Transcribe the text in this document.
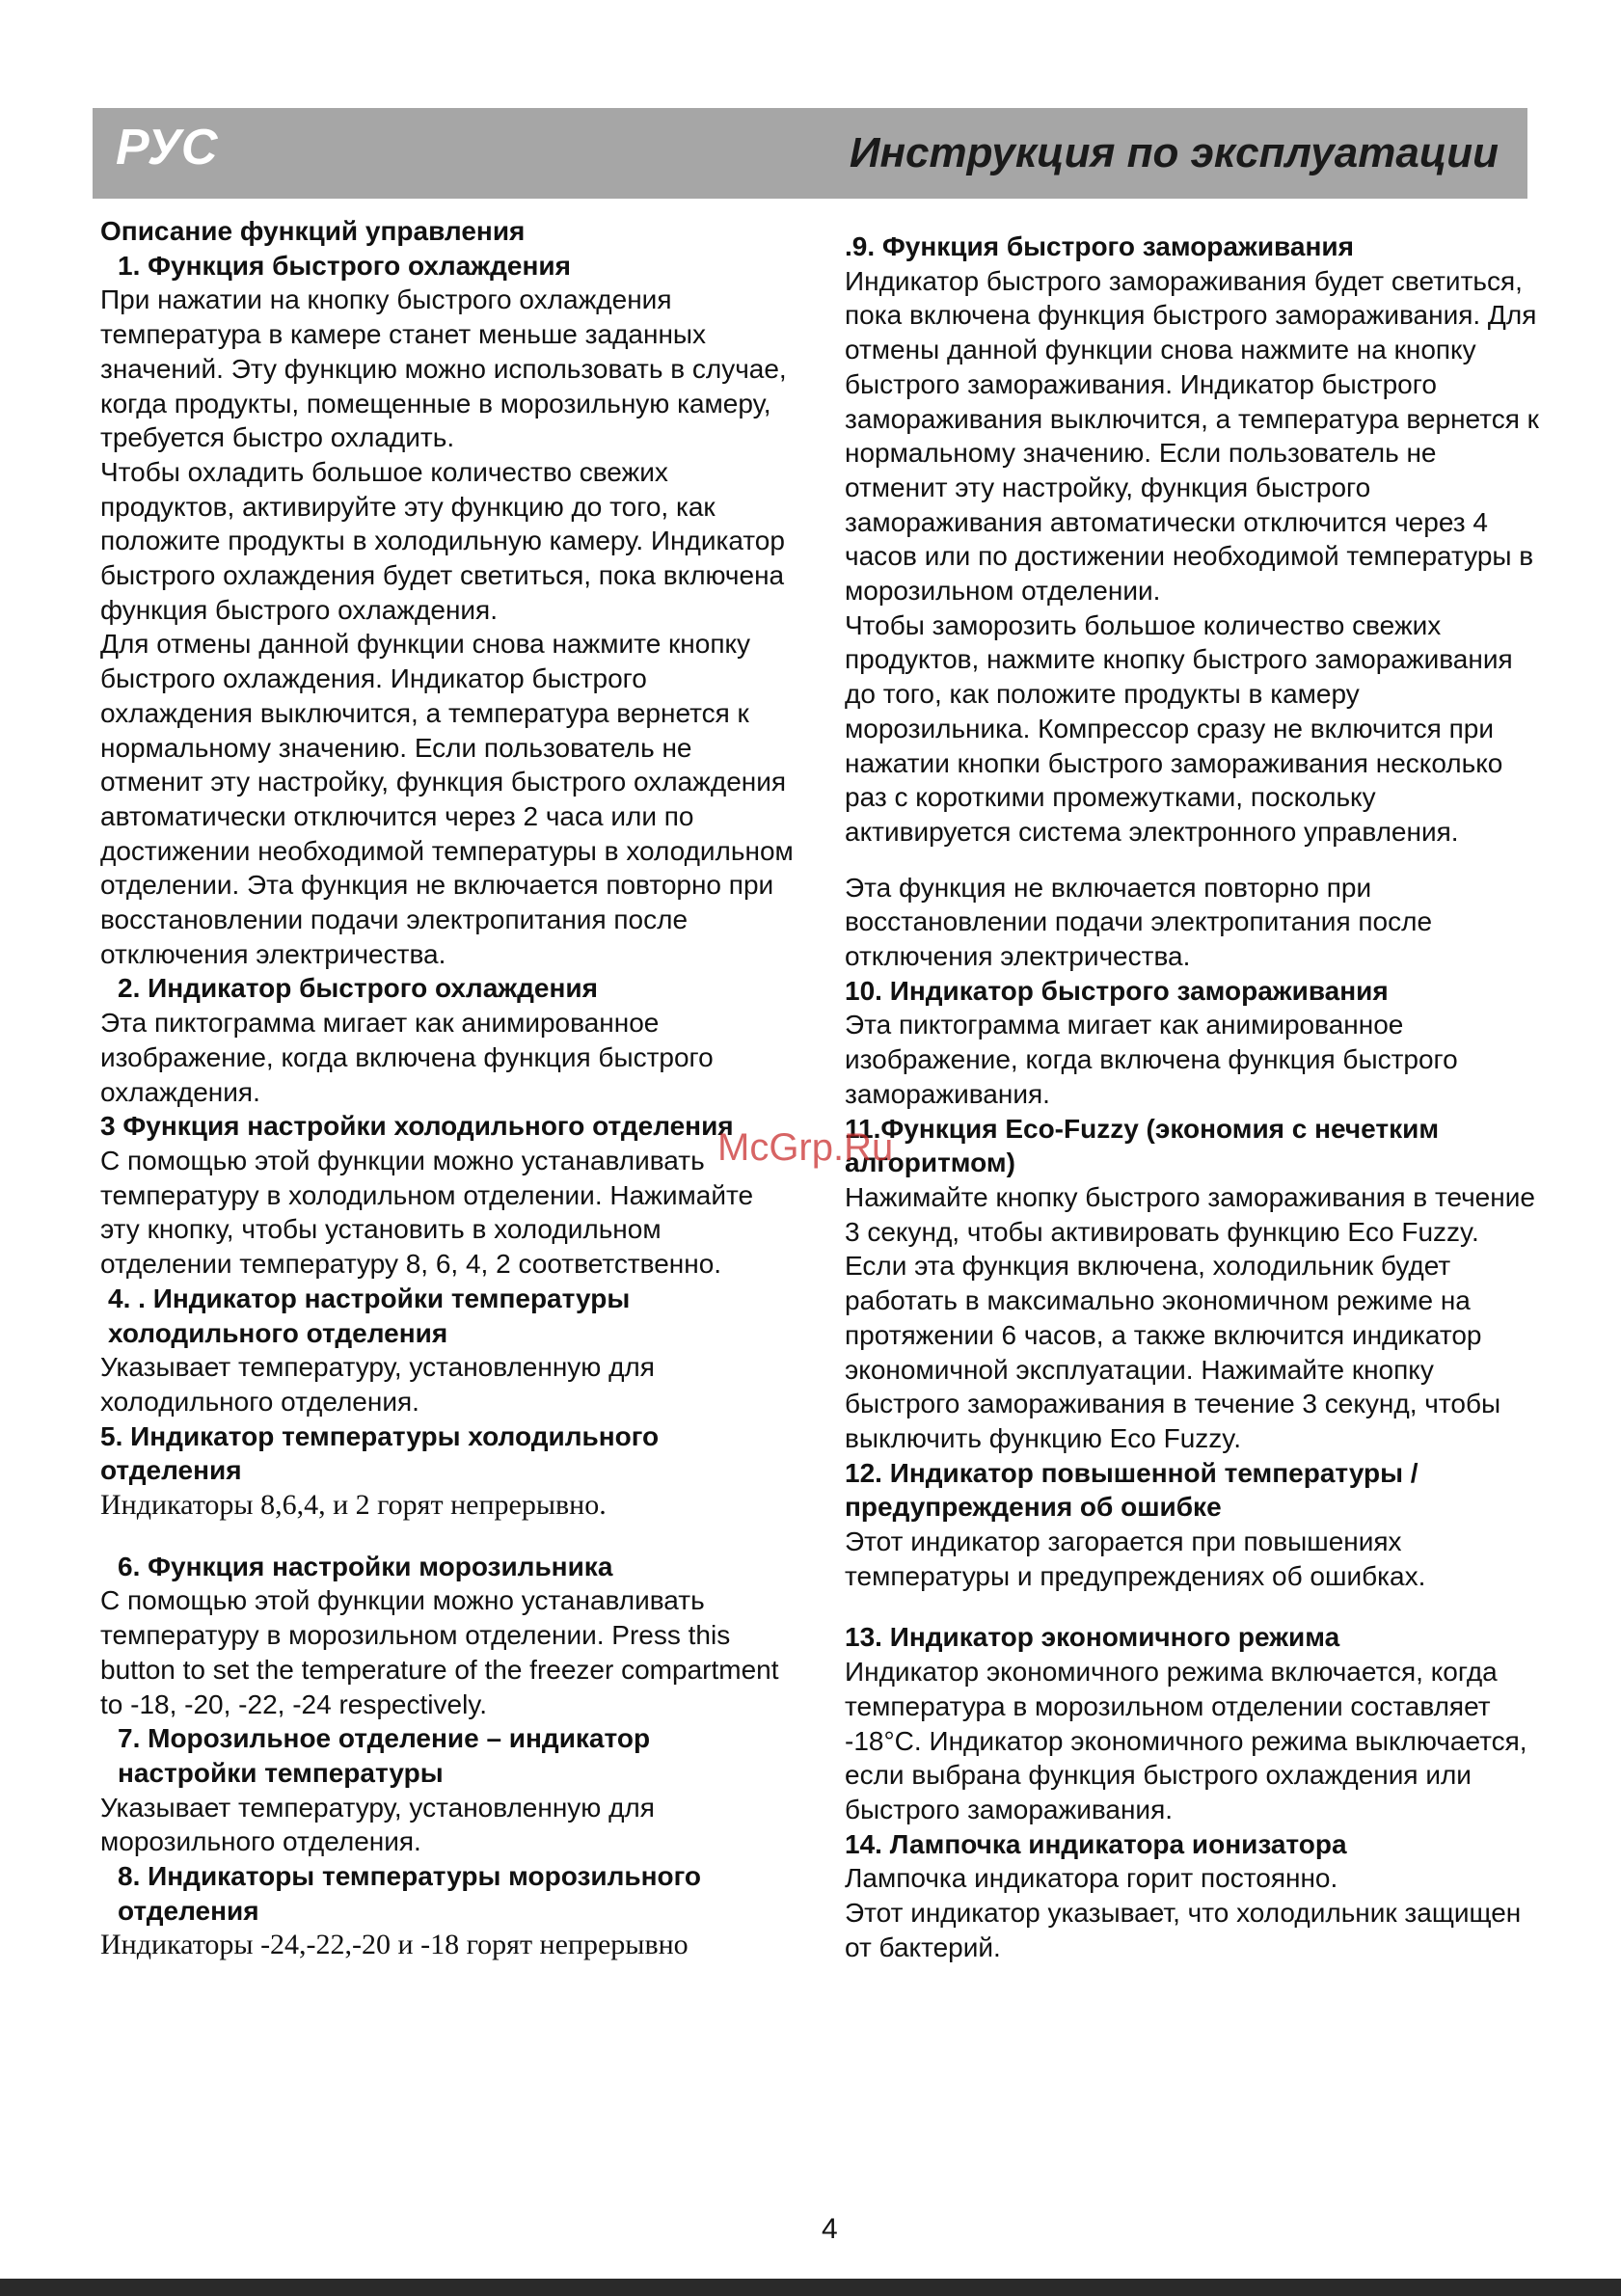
РУС	Инструкция по эксплуатации

Описание функций управления

1. Функция быстрого охлаждения

При нажатии на кнопку быстрого охлаждения температура в камере станет меньше заданных значений. Эту функцию можно использовать в случае, когда продукты, помещенные в морозильную камеру, требуется быстро охладить.

Чтобы охладить большое количество свежих продуктов, активируйте эту функцию до того, как положите продукты в холодильную камеру. Индикатор быстрого охлаждения будет светиться, пока включена функция быстрого охлаждения.

Для отмены данной функции снова нажмите кнопку быстрого охлаждения. Индикатор быстрого охлаждения выключится, а температура вернется к нормальному значению. Если пользователь не отменит эту настройку, функция быстрого охлаждения автоматически отключится через 2 часа или по достижении необходимой температуры в холодильном отделении. Эта функция не включается повторно при восстановлении подачи электропитания после отключения электричества.

2. Индикатор быстрого охлаждения

Эта пиктограмма мигает как анимированное изображение, когда включена функция быстрого охлаждения.

3 Функция настройки холодильного отделения

С помощью этой функции можно устанавливать температуру в холодильном отделении. Нажимайте эту кнопку, чтобы установить в холодильном отделении температуру 8, 6, 4, 2 соответственно.

4. . Индикатор настройки температуры холодильного отделения

Указывает температуру, установленную для холодильного отделения.

5. Индикатор температуры холодильного отделения

Индикаторы 8,6,4, и 2 горят непрерывно.

6. Функция настройки морозильника

С помощью этой функции можно устанавливать температуру в морозильном отделении. Press this button to set the temperature of the freezer compartment to -18, -20, -22, -24 respectively.

7. Морозильное отделение – индикатор настройки температуры

Указывает температуру, установленную для морозильного отделения.

8. Индикаторы температуры морозильного отделения

Индикаторы -24,-22,-20 и -18 горят непрерывно

.9. Функция быстрого замораживания

Индикатор быстрого замораживания будет светиться, пока включена функция быстрого замораживания. Для отмены данной функции снова нажмите на кнопку быстрого замораживания. Индикатор быстрого замораживания выключится, а температура вернется к нормальному значению. Если пользователь не отменит эту настройку, функция быстрого замораживания автоматически отключится через 4 часов или по достижении необходимой температуры в морозильном отделении.

Чтобы заморозить большое количество свежих продуктов, нажмите кнопку быстрого замораживания до того, как положите продукты в камеру морозильника. Компрессор сразу не включится при нажатии кнопки быстрого замораживания несколько раз с короткими промежутками, поскольку активируется система электронного управления.

Эта функция не включается повторно при восстановлении подачи электропитания после отключения электричества.

10. Индикатор быстрого замораживания

Эта пиктограмма мигает как анимированное изображение, когда включена функция быстрого замораживания.

11.Функция Eco-Fuzzy (экономия с нечетким алгоритмом)

Нажимайте кнопку быстрого замораживания в течение 3 секунд, чтобы активировать функцию Eco Fuzzy. Если эта функция включена, холодильник будет работать в максимально экономичном режиме на протяжении 6 часов, а также включится индикатор экономичной эксплуатации. Нажимайте кнопку быстрого замораживания в течение 3 секунд, чтобы выключить функцию Eco Fuzzy.

12. Индикатор повышенной температуры / предупреждения об ошибке

Этот индикатор загорается при повышениях температуры и предупреждениях об ошибках.

13. Индикатор экономичного режима

Индикатор экономичного режима включается, когда температура в морозильном отделении составляет -18°С. Индикатор экономичного режима выключается, если выбрана функция быстрого охлаждения или быстрого замораживания.

14. Лампочка индикатора ионизатора

Лампочка индикатора горит постоянно.

Этот индикатор указывает, что холодильник защищен от бактерий.

McGrp.Ru
4
